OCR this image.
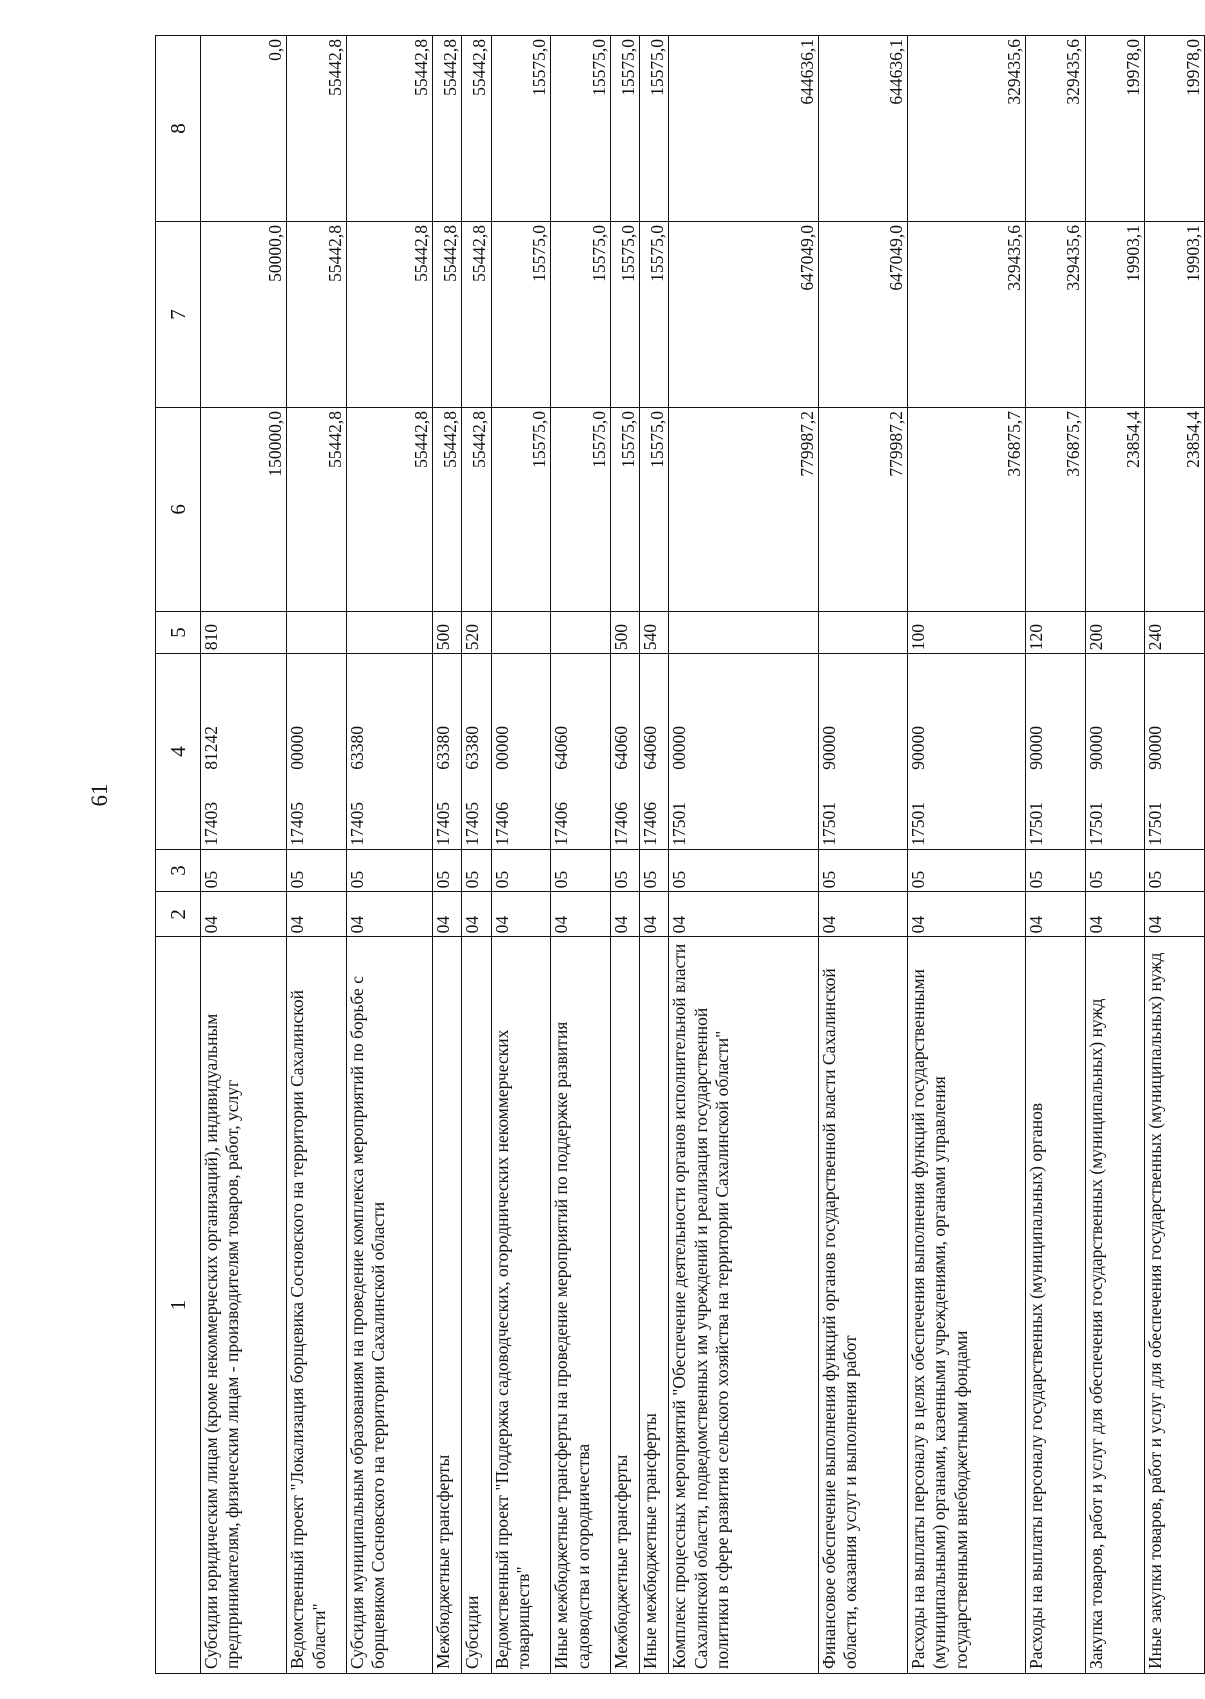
61
1	2	3	4	5	6	7	8
Субсидии юридическим лицам (кроме некоммерческих организаций), индивидуальным предпринимателям, физическим лицам - производителям товаров, работ, услуг	04	05	1740381242	810	150000,0	50000,0	0,0
Ведомственный проект "Локализация борщевика Сосновского на территории Сахалинской области"	04	05	1740500000		55442,8	55442,8	55442,8
Субсидия муниципальным образованиям на проведение комплекса мероприятий по борьбе с борщевиком Сосновского на территории Сахалинской области	04	05	1740563380		55442,8	55442,8	55442,8
Межбюджетные трансферты	04	05	1740563380	500	55442,8	55442,8	55442,8
Субсидии	04	05	1740563380	520	55442,8	55442,8	55442,8
Ведомственный проект "Поддержка садоводческих, огороднических некоммерческих товариществ"	04	05	1740600000		15575,0	15575,0	15575,0
Иные межбюджетные трансферты на проведение мероприятий по поддержке развития садоводства и огородничества	04	05	1740664060		15575,0	15575,0	15575,0
Межбюджетные трансферты	04	05	1740664060	500	15575,0	15575,0	15575,0
Иные межбюджетные трансферты	04	05	1740664060	540	15575,0	15575,0	15575,0
Комплекс процессных мероприятий "Обеспечение деятельности органов исполнительной власти Сахалинской области, подведомственных им учреждений и реализация государственной политики в сфере развития сельского хозяйства на территории Сахалинской области"	04	05	1750100000		779987,2	647049,0	644636,1
Финансовое обеспечение выполнения функций органов государственной власти Сахалинской области, оказания услуг и выполнения работ	04	05	1750190000		779987,2	647049,0	644636,1
Расходы на выплаты персоналу в целях обеспечения выполнения функций государственными (муниципальными) органами, казенными учреждениями, органами управления государственными внебюджетными фондами	04	05	1750190000	100	376875,7	329435,6	329435,6
Расходы на выплаты персоналу государственных (муниципальных) органов	04	05	1750190000	120	376875,7	329435,6	329435,6
Закупка товаров, работ и услуг для обеспечения государственных (муниципальных) нужд	04	05	1750190000	200	23854,4	19903,1	19978,0
Иные закупки товаров, работ и услуг для обеспечения государственных (муниципальных) нужд	04	05	1750190000	240	23854,4	19903,1	19978,0
